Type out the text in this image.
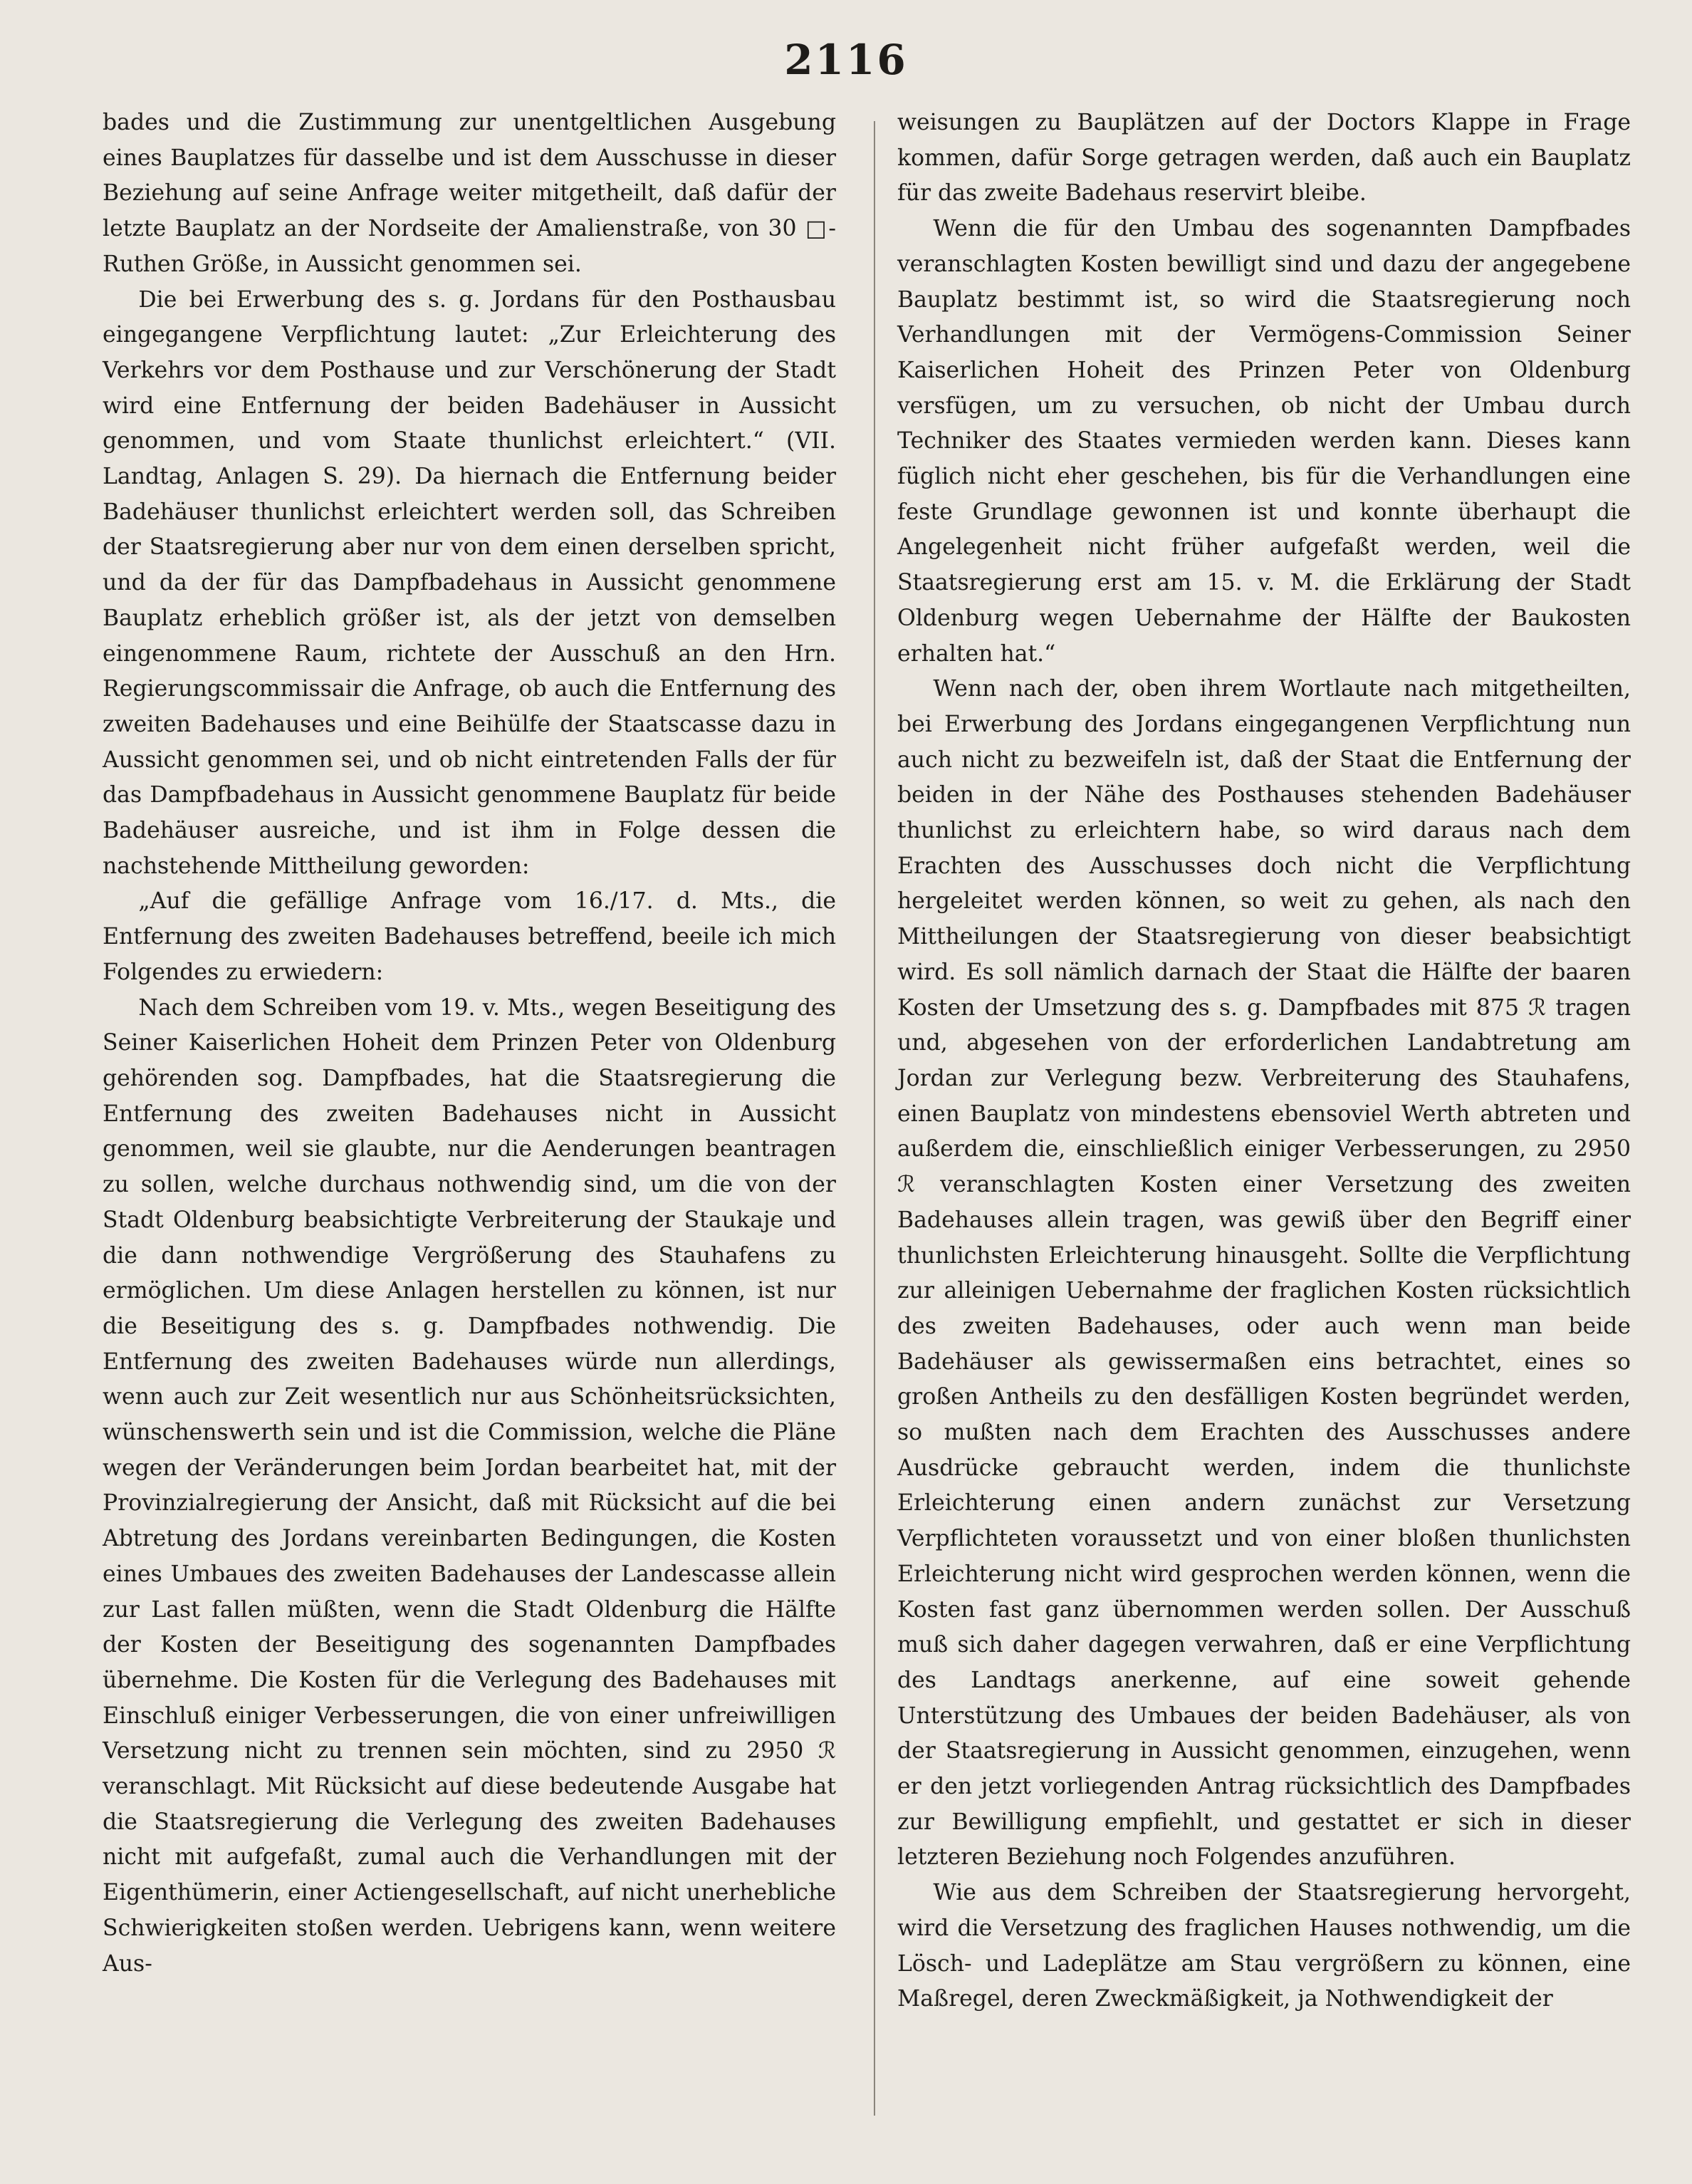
2116

bades und die Zustimmung zur unentgeltlichen Ausgebung eines Bauplatzes für dasselbe und ist dem Ausschusse in dieser Beziehung auf seine Anfrage weiter mitgetheilt, daß dafür der letzte Bauplatz an der Nordseite der Amalienstraße, von 30 □-Ruthen Größe, in Aussicht genommen sei.

Die bei Erwerbung des s. g. Jordans für den Posthausbau eingegangene Verpflichtung lautet: „Zur Erleichterung des Verkehrs vor dem Posthause und zur Verschönerung der Stadt wird eine Entfernung der beiden Badehäuser in Aussicht genommen, und vom Staate thunlichst erleichtert.“ (VII. Landtag, Anlagen S. 29). Da hiernach die Entfernung beider Badehäuser thunlichst erleichtert werden soll, das Schreiben der Staatsregierung aber nur von dem einen derselben spricht, und da der für das Dampfbadehaus in Aussicht genommene Bauplatz erheblich größer ist, als der jetzt von demselben eingenommene Raum, richtete der Ausschuß an den Hrn. Regierungscommissair die Anfrage, ob auch die Entfernung des zweiten Badehauses und eine Beihülfe der Staatscasse dazu in Aussicht genommen sei, und ob nicht eintretenden Falls der für das Dampfbadehaus in Aussicht genommene Bauplatz für beide Badehäuser ausreiche, und ist ihm in Folge dessen die nachstehende Mittheilung geworden:

„Auf die gefällige Anfrage vom 16./17. d. Mts., die Entfernung des zweiten Badehauses betreffend, beeile ich mich Folgendes zu erwiedern:

Nach dem Schreiben vom 19. v. Mts., wegen Beseitigung des Seiner Kaiserlichen Hoheit dem Prinzen Peter von Oldenburg gehörenden sog. Dampfbades, hat die Staatsregierung die Entfernung des zweiten Badehauses nicht in Aussicht genommen, weil sie glaubte, nur die Aenderungen beantragen zu sollen, welche durchaus nothwendig sind, um die von der Stadt Oldenburg beabsichtigte Verbreiterung der Staukaje und die dann nothwendige Vergrößerung des Stauhafens zu ermöglichen. Um diese Anlagen herstellen zu können, ist nur die Beseitigung des s. g. Dampfbades nothwendig. Die Entfernung des zweiten Badehauses würde nun allerdings, wenn auch zur Zeit wesentlich nur aus Schönheitsrücksichten, wünschenswerth sein und ist die Commission, welche die Pläne wegen der Veränderungen beim Jordan bearbeitet hat, mit der Provinzialregierung der Ansicht, daß mit Rücksicht auf die bei Abtretung des Jordans vereinbarten Bedingungen, die Kosten eines Umbaues des zweiten Badehauses der Landescasse allein zur Last fallen müßten, wenn die Stadt Oldenburg die Hälfte der Kosten der Beseitigung des sogenannten Dampfbades übernehme. Die Kosten für die Verlegung des Badehauses mit Einschluß einiger Verbesserungen, die von einer unfreiwilligen Versetzung nicht zu trennen sein möchten, sind zu 2950 ℛ veranschlagt. Mit Rücksicht auf diese bedeutende Ausgabe hat die Staatsregierung die Verlegung des zweiten Badehauses nicht mit aufgefaßt, zumal auch die Verhandlungen mit der Eigenthümerin, einer Actiengesellschaft, auf nicht unerhebliche Schwierigkeiten stoßen werden. Uebrigens kann, wenn weitere Aus-

weisungen zu Bauplätzen auf der Doctors Klappe in Frage kommen, dafür Sorge getragen werden, daß auch ein Bauplatz für das zweite Badehaus reservirt bleibe.

Wenn die für den Umbau des sogenannten Dampfbades veranschlagten Kosten bewilligt sind und dazu der angegebene Bauplatz bestimmt ist, so wird die Staatsregierung noch Verhandlungen mit der Vermögens-Commission Seiner Kaiserlichen Hoheit des Prinzen Peter von Oldenburg versfügen, um zu versuchen, ob nicht der Umbau durch Techniker des Staates vermieden werden kann. Dieses kann füglich nicht eher geschehen, bis für die Verhandlungen eine feste Grundlage gewonnen ist und konnte überhaupt die Angelegenheit nicht früher aufgefaßt werden, weil die Staatsregierung erst am 15. v. M. die Erklärung der Stadt Oldenburg wegen Uebernahme der Hälfte der Baukosten erhalten hat.“

Wenn nach der, oben ihrem Wortlaute nach mitgetheilten, bei Erwerbung des Jordans eingegangenen Verpflichtung nun auch nicht zu bezweifeln ist, daß der Staat die Entfernung der beiden in der Nähe des Posthauses stehenden Badehäuser thunlichst zu erleichtern habe, so wird daraus nach dem Erachten des Ausschusses doch nicht die Verpflichtung hergeleitet werden können, so weit zu gehen, als nach den Mittheilungen der Staatsregierung von dieser beabsichtigt wird. Es soll nämlich darnach der Staat die Hälfte der baaren Kosten der Umsetzung des s. g. Dampfbades mit 875 ℛ tragen und, abgesehen von der erforderlichen Landabtretung am Jordan zur Verlegung bezw. Verbreiterung des Stauhafens, einen Bauplatz von mindestens ebensoviel Werth abtreten und außerdem die, einschließlich einiger Verbesserungen, zu 2950 ℛ veranschlagten Kosten einer Versetzung des zweiten Badehauses allein tragen, was gewiß über den Begriff einer thunlichsten Erleichterung hinausgeht. Sollte die Verpflichtung zur alleinigen Uebernahme der fraglichen Kosten rücksichtlich des zweiten Badehauses, oder auch wenn man beide Badehäuser als gewissermaßen eins betrachtet, eines so großen Antheils zu den desfälligen Kosten begründet werden, so mußten nach dem Erachten des Ausschusses andere Ausdrücke gebraucht werden, indem die thunlichste Erleichterung einen andern zunächst zur Versetzung Verpflichteten voraussetzt und von einer bloßen thunlichsten Erleichterung nicht wird gesprochen werden können, wenn die Kosten fast ganz übernommen werden sollen. Der Ausschuß muß sich daher dagegen verwahren, daß er eine Verpflichtung des Landtags anerkenne, auf eine soweit gehende Unterstützung des Umbaues der beiden Badehäuser, als von der Staatsregierung in Aussicht genommen, einzugehen, wenn er den jetzt vorliegenden Antrag rücksichtlich des Dampfbades zur Bewilligung empfiehlt, und gestattet er sich in dieser letzteren Beziehung noch Folgendes anzuführen.

Wie aus dem Schreiben der Staatsregierung hervorgeht, wird die Versetzung des fraglichen Hauses nothwendig, um die Lösch- und Ladeplätze am Stau vergrößern zu können, eine Maßregel, deren Zweckmäßigkeit, ja Nothwendigkeit der
